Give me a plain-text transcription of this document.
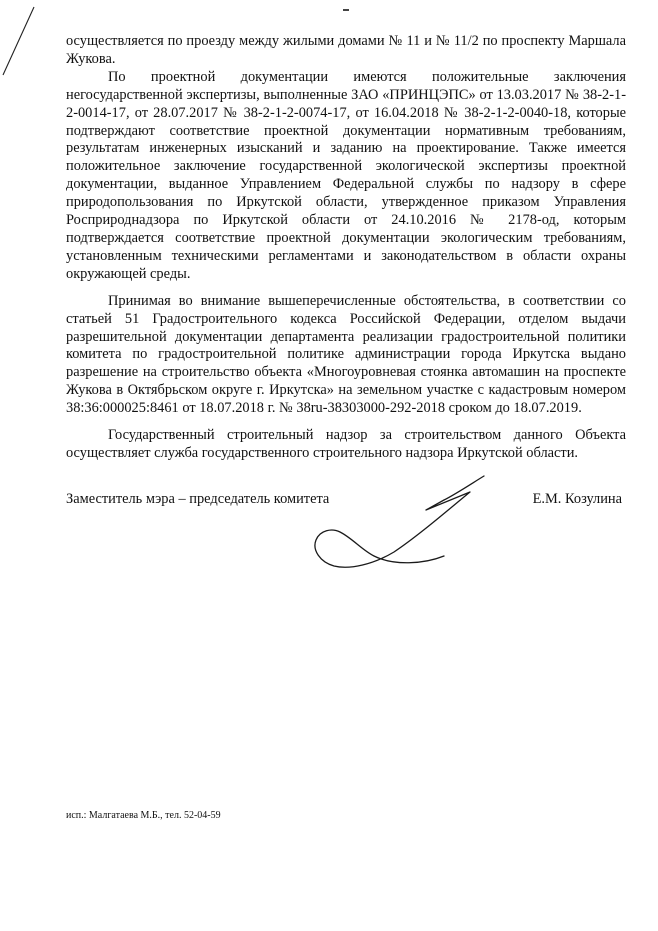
осуществляется по проезду между жилыми домами № 11 и № 11/2 по проспекту Маршала Жукова.

По проектной документации имеются положительные заключения негосударственной экспертизы, выполненные ЗАО «ПРИНЦЭПС» от 13.03.2017 № 38-2-1-2-0014-17, от 28.07.2017 № 38-2-1-2-0074-17, от 16.04.2018 № 38-2-1-2-0040-18, которые подтверждают соответствие проектной документации нормативным требованиям, результатам инженерных изысканий и заданию на проектирование. Также имеется положительное заключение государственной экологической экспертизы проектной документации, выданное Управлением Федеральной службы по надзору в сфере природопользования по Иркутской области, утвержденное приказом Управления Росприроднадзора по Иркутской области от 24.10.2016 № 2178-од, которым подтверждается соответствие проектной документации экологическим требованиям, установленным техническими регламентами и законодательством в области охраны окружающей среды.

Принимая во внимание вышеперечисленные обстоятельства, в соответствии со статьей 51 Градостроительного кодекса Российской Федерации, отделом выдачи разрешительной документации департамента реализации градостроительной политики комитета по градостроительной политике администрации города Иркутска выдано разрешение на строительство объекта «Многоуровневая стоянка автомашин на проспекте Жукова в Октябрьском округе г. Иркутска» на земельном участке с кадастровым номером 38:36:000025:8461 от 18.07.2018 г. № 38ru-38303000-292-2018 сроком до 18.07.2019.

Государственный строительный надзор за строительством данного Объекта осуществляет служба государственного строительного надзора Иркутской области.

Заместитель мэра – председатель комитета	Е.М. Козулина
исп.: Малгатаева М.Б., тел. 52-04-59
